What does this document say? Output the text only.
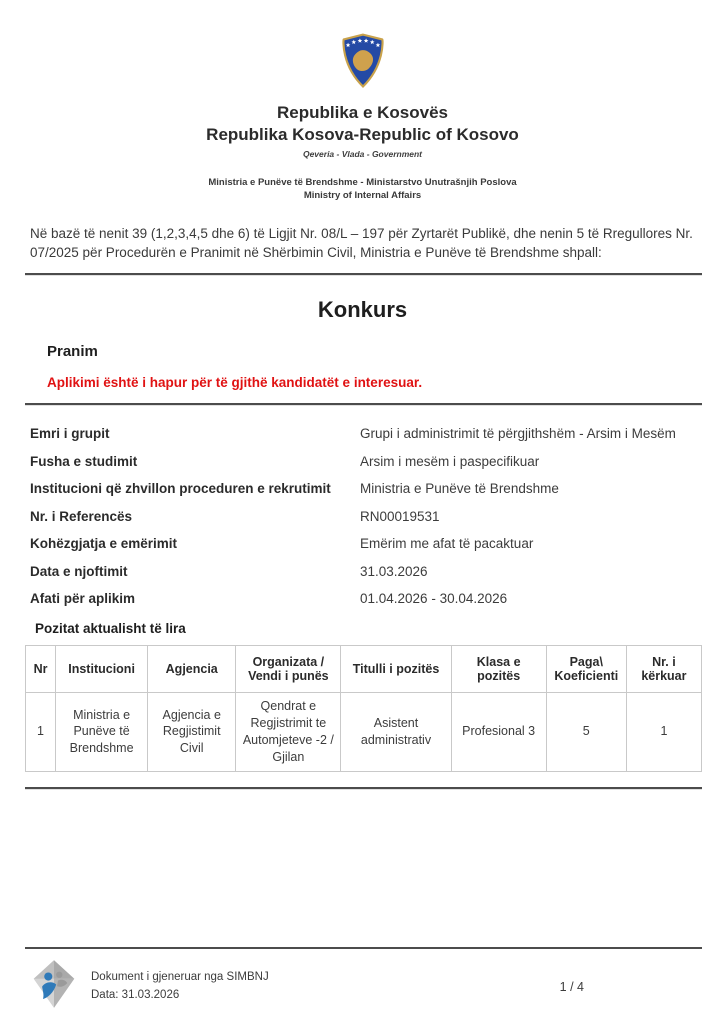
Republika e Kosovës
Republika Kosova-Republic of Kosovo
Qeveria - Vlada - Government
Ministria e Punëve të Brendshme - Ministarstvo Unutrašnjih Poslova
Ministry of Internal Affairs

Në bazë të nenit 39 (1,2,3,4,5 dhe 6) të Ligjit Nr. 08/L – 197 për Zyrtarët Publikë, dhe nenin 5 të Rregullores Nr. 07/2025 për Procedurën e Pranimit në Shërbimin Civil, Ministria e Punëve të Brendshme shpall:

Konkurs
Pranim
Aplikimi është i hapur për të gjithë kandidatët e interesuar.
Emri i grupit	Grupi i administrimit të përgjithshëm - Arsim i Mesëm
Fusha e studimit	Arsim i mesëm i paspecifikuar
Institucioni që zhvillon proceduren e rekrutimit	Ministria e Punëve të Brendshme
Nr. i Referencës	RN00019531
Kohëzgjatja e emërimit	Emërim me afat të pacaktuar
Data e njoftimit	31.03.2026
Afati për aplikim	01.04.2026 - 30.04.2026
Pozitat aktualisht të lira
Nr	Institucioni	Agjencia	Organizata / Vendi i punës	Titulli i pozitës	Klasa e pozitës	Paga\ Koeficienti	Nr. i kërkuar
1	Ministria e Punëve të Brendshme	Agjencia e Regjistimit Civil	Qendrat e Regjistrimit te Automjeteve -2 / Gjilan	Asistent administrativ	Profesional 3	5	1
Dokument i gjeneruar nga SIMBNJ
Data: 31.03.2026
1 / 4
